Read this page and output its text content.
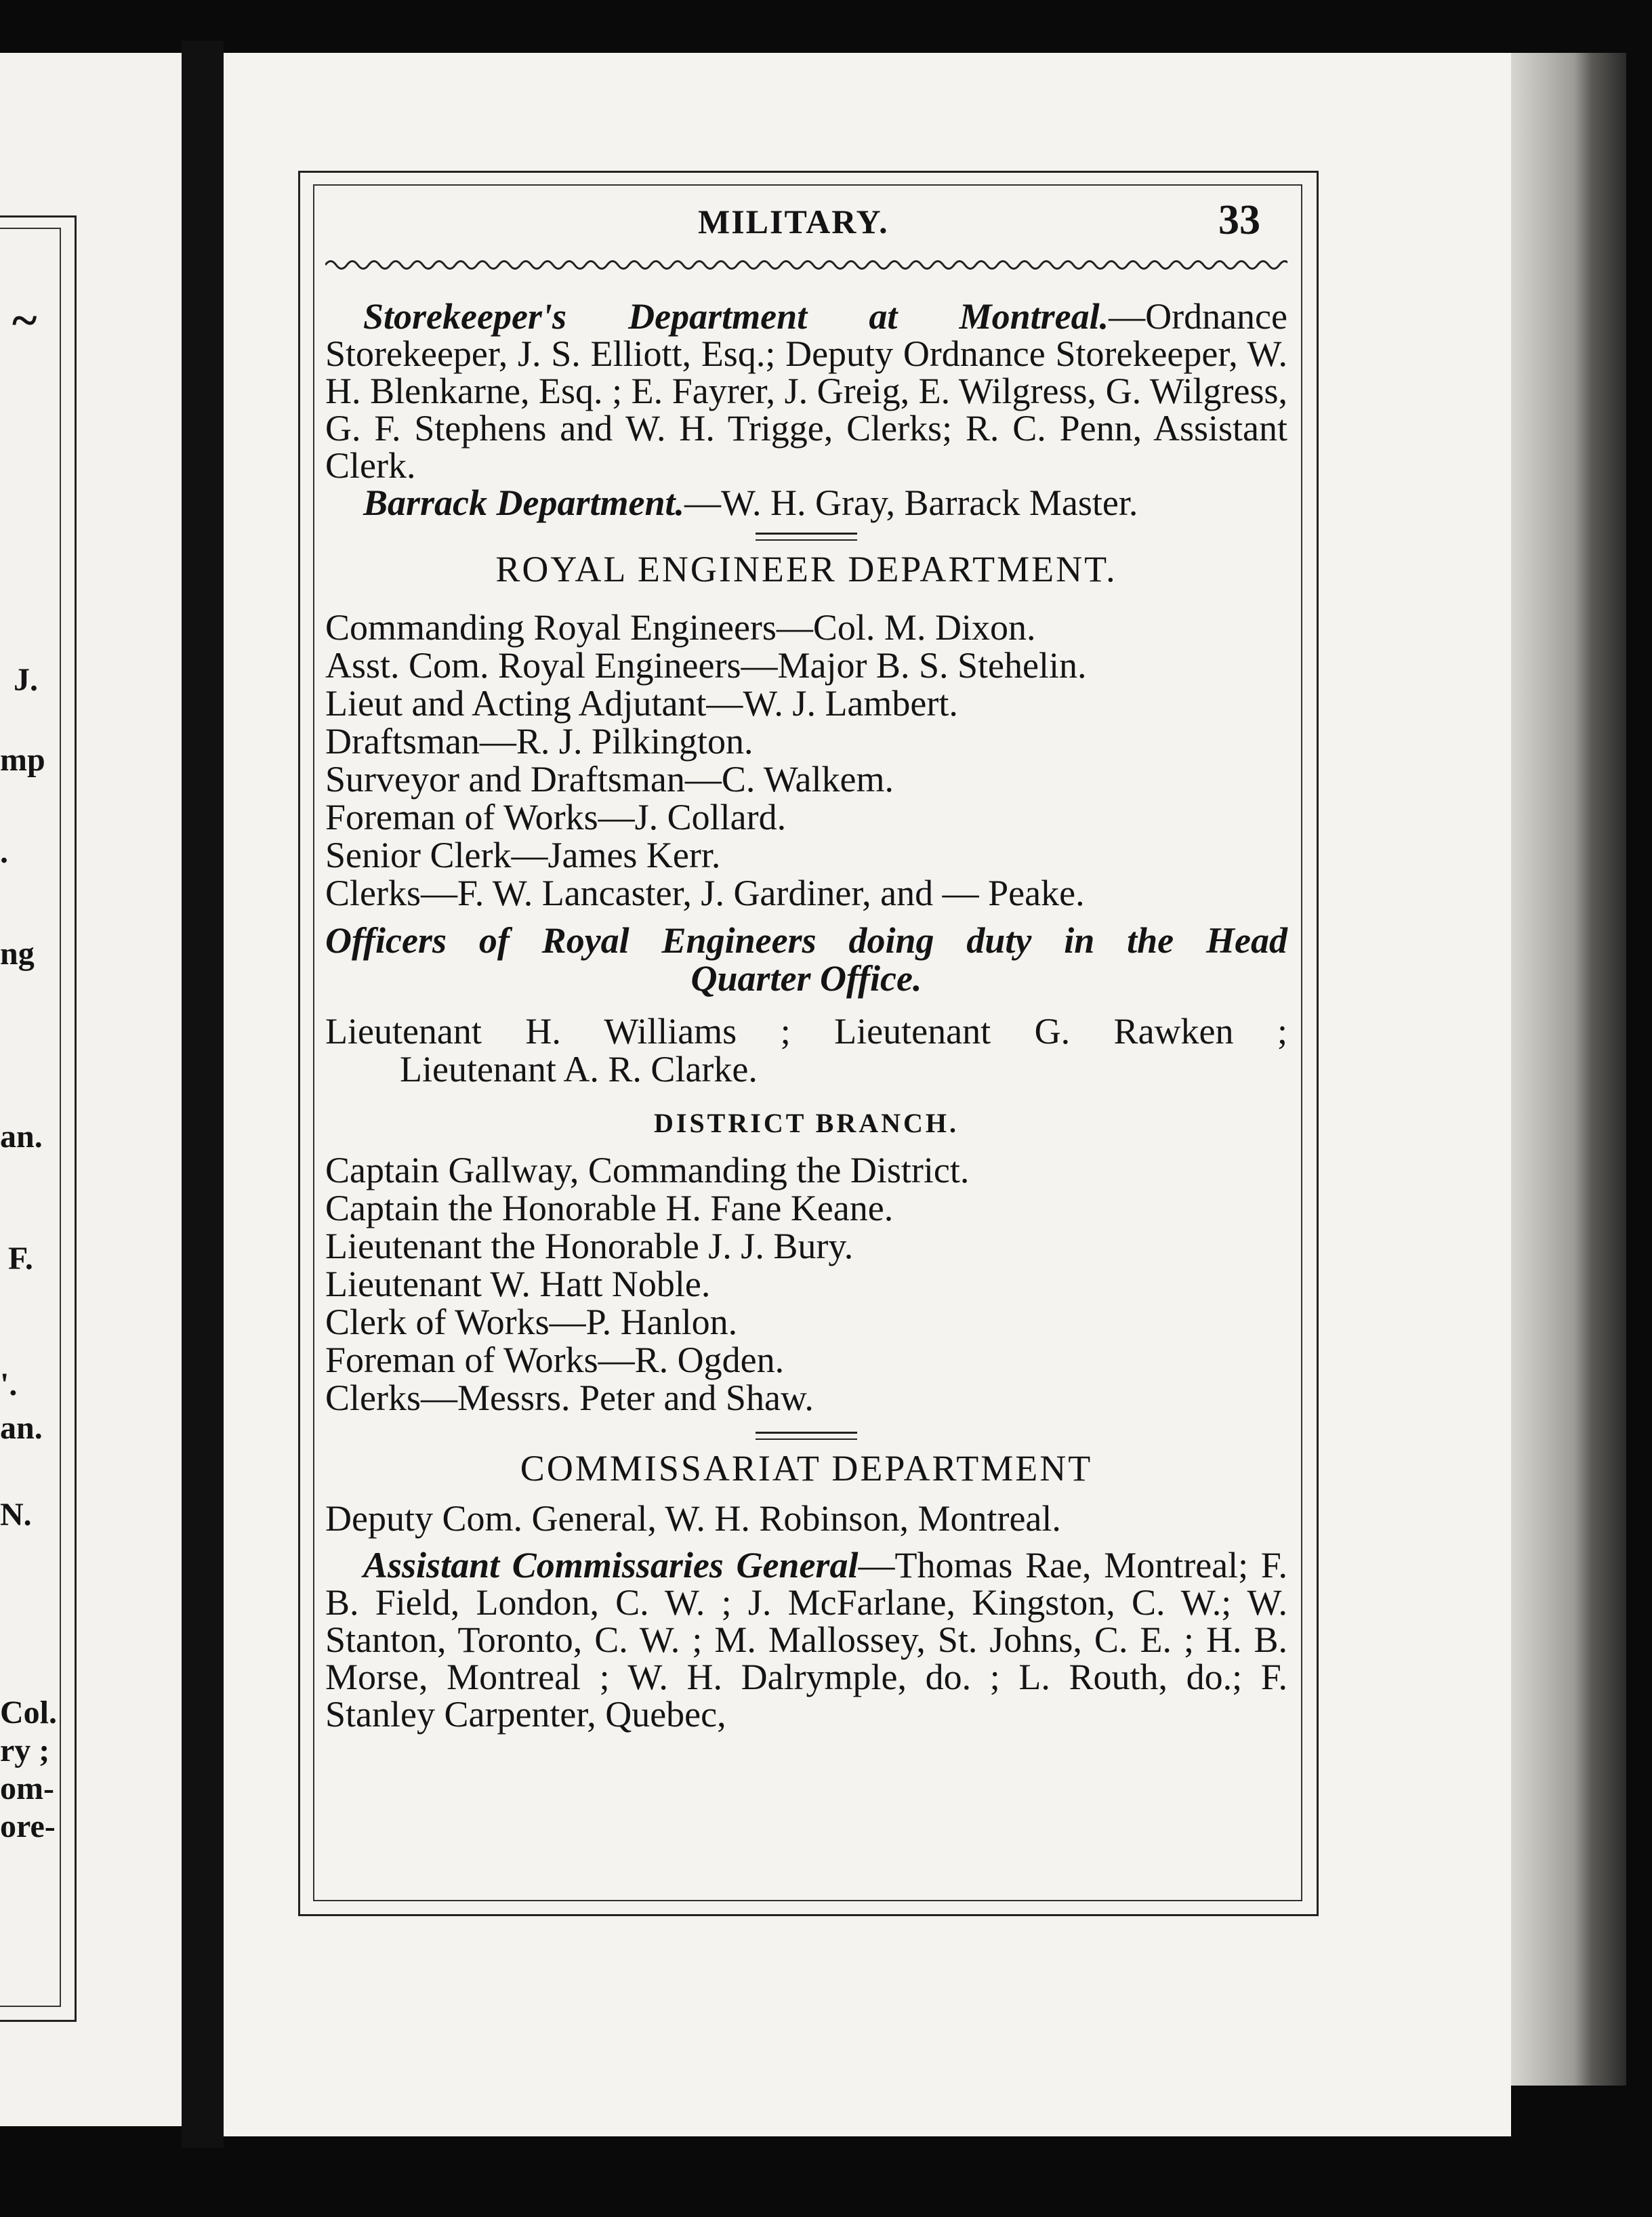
~
J.
mp
.
ng
an.
F.
'.
an.
N.
Col.
ry ;
om-
ore-
MILITARY.	33

Storekeeper's Department at Montreal.—Ordnance Storekeeper, J. S. Elliott, Esq.; Deputy Ordnance Storekeeper, W. H. Blenkarne, Esq. ; E. Fayrer, J. Greig, E. Wilgress, G. Wilgress, G. F. Stephens and W. H. Trigge, Clerks; R. C. Penn, Assistant Clerk.

Barrack Department.—W. H. Gray, Barrack Master.

ROYAL ENGINEER DEPARTMENT.
Commanding Royal Engineers—Col. M. Dixon.
Asst. Com. Royal Engineers—Major B. S. Stehelin.
Lieut and Acting Adjutant—W. J. Lambert.
Draftsman—R. J. Pilkington.
Surveyor and Draftsman—C. Walkem.
Foreman of Works—J. Collard.
Senior Clerk—James Kerr.
Clerks—F. W. Lancaster, J. Gardiner, and — Peake.
Officers of Royal Engineers doing duty in the Head
Quarter Office.
Lieutenant H. Williams ; Lieutenant G. Rawken ;
Lieutenant A. R. Clarke.
DISTRICT BRANCH.
Captain Gallway, Commanding the District.
Captain the Honorable H. Fane Keane.
Lieutenant the Honorable J. J. Bury.
Lieutenant W. Hatt Noble.
Clerk of Works—P. Hanlon.
Foreman of Works—R. Ogden.
Clerks—Messrs. Peter and Shaw.
COMMISSARIAT DEPARTMENT
Deputy Com. General, W. H. Robinson, Montreal.

Assistant Commissaries General—Thomas Rae, Montreal; F. B. Field, London, C. W. ; J. McFarlane, Kingston, C. W.; W. Stanton, Toronto, C. W. ; M. Mallossey, St. Johns, C. E. ; H. B. Morse, Montreal ; W. H. Dalrymple, do. ; L. Routh, do.; F. Stanley Carpenter, Quebec,
